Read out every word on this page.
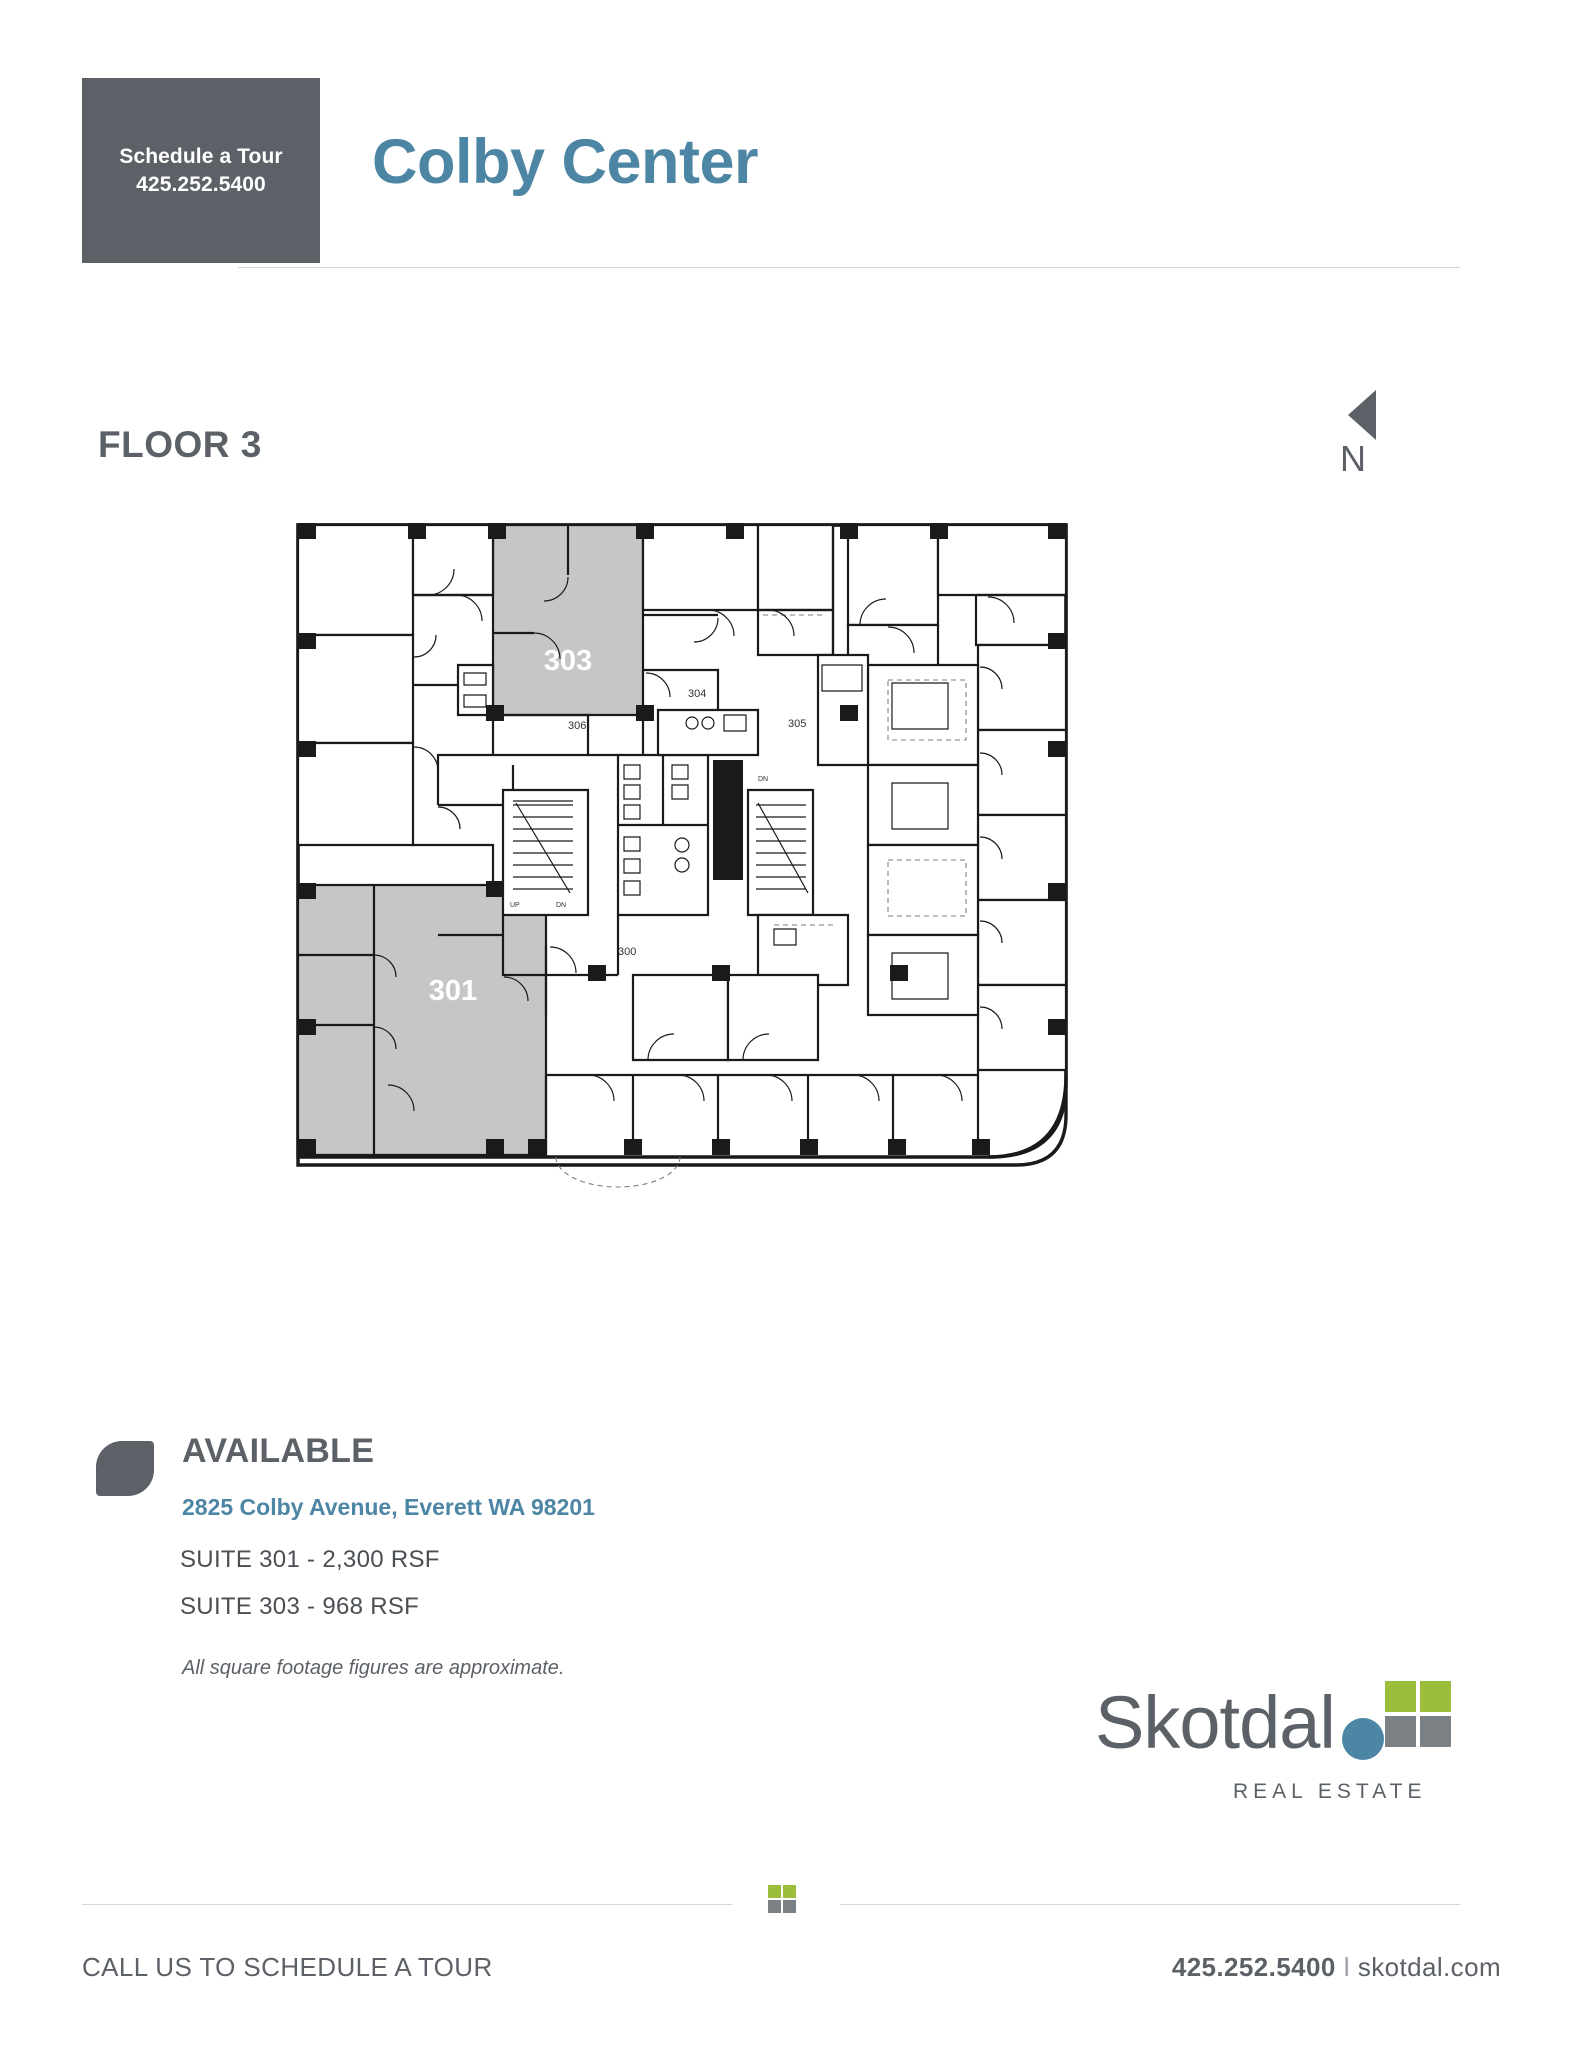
Schedule a Tour
425.252.5400 Colby Center
FLOOR 3	N
303
301
UP	DN
DN
304
306	305
300
AVAILABLE
2825 Colby Avenue, Everett WA 98201
SUITE 301 - 2,300 RSF
SUITE 303 - 968 RSF
All square footage figures are approximate.
Skotdal
REAL ESTATE
CALL US TO SCHEDULE A TOUR	425.252.5400 l skotdal.com
